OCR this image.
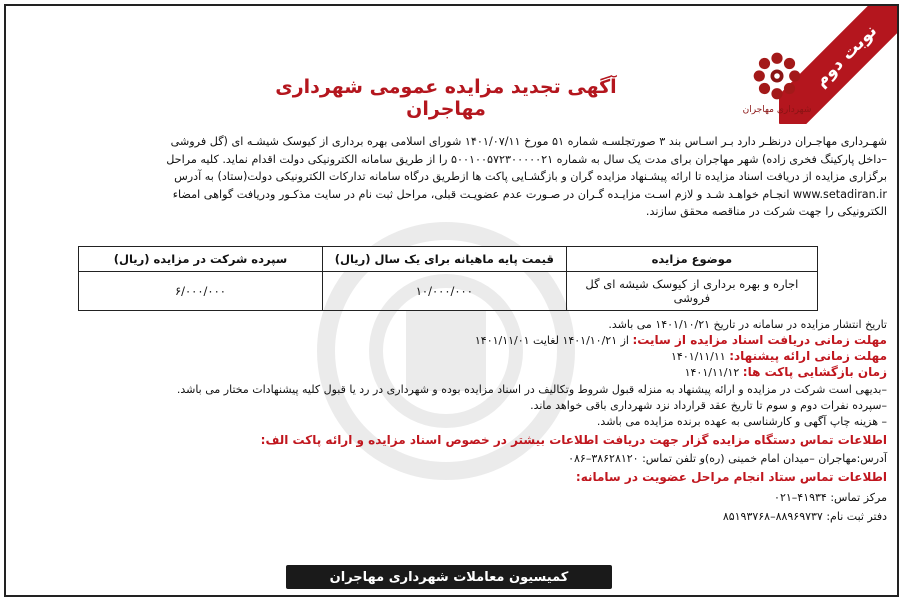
نوبت دوم
شهرداری مهاجران
آگهی تجدید مزایده عمومی شهرداری مهاجران

شهـرداری مهاجـران درنظـر دارد بـر اسـاس بند ۳ صورتجلسـه شماره ۵۱ مورخ ۱۴۰۱/۰۷/۱۱ شورای اسلامی بهره برداری از کیوسک شیشـه ای (گل فروشی

–داخل پارکینگ فخری زاده) شهر مهاجران برای مدت یک سال به شماره ۵۰۰۱۰۰۵۷۲۳۰۰۰۰۰۲۱ را از طریق سامانه الکترونیکی دولت اقدام نماید. کلیه مراحل

برگزاری مزایده از دریافت اسناد مزایده تا ارائه پیشـنهاد مزایده گران و بازگشـایی پاکت ها ازطریق درگاه سامانه تدارکات الکترونیکی دولت(ستاد) به آدرس

www.setadiran.ir انجـام خواهـد شـد و لازم اسـت مزایـده گـران در صـورت عدم عضویـت قبلی، مراحل ثبت نام در سایت مذکـور ودریافت گواهی امضاء

الکترونیکی را جهت شرکت در مناقصه محقق سازند.

موضوع مزایده	قیمت پایه ماهیانه برای یک سال (ریال)	سپرده شرکت در مزایده (ریال)
اجاره و بهره برداری از کیوسک شیشه ای گل فروشی	۱۰/۰۰۰/۰۰۰	۶/۰۰۰/۰۰۰
تاریخ انتشار مزایده در سامانه در تاریخ ۱۴۰۱/۱۰/۲۱ می باشد.
مهلت زمانی دریافت اسناد مزایده از سایت: از ۱۴۰۱/۱۰/۲۱ لغایت ۱۴۰۱/۱۱/۰۱
مهلت زمانی ارائه پیشنهاد: ۱۴۰۱/۱۱/۱۱
زمان بازگشایی پاکت ها: ۱۴۰۱/۱۱/۱۲
–بدیهی است شرکت در مزایده و ارائه پیشنهاد به منزله قبول شروط وتکالیف در اسناد مزایده بوده و شهرداری در رد یا قبول کلیه پیشنهادات مختار می باشد.
–سپرده نفرات دوم و سوم تا تاریخ عقد قرارداد نزد شهرداری باقی خواهد ماند.
– هزینه چاپ آگهی و کارشناسی به عهده برنده مزایده می باشد.
اطلاعات تماس دستگاه مزایده گزار جهت دریافت اطلاعات بیشتر در خصوص اسناد مزایده و ارائه پاکت الف:
آدرس:مهاجران –میدان امام خمینی (ره)و تلفن تماس: ۳۸۶۲۸۱۲۰–۰۸۶
اطلاعات تماس ستاد انجام مراحل عضویت در سامانه:
مرکز تماس: ۴۱۹۳۴–۰۲۱
دفتر ثبت نام: ۸۸۹۶۹۷۳۷–۸۵۱۹۳۷۶۸
کمیسیون معاملات شهرداری مهاجران
